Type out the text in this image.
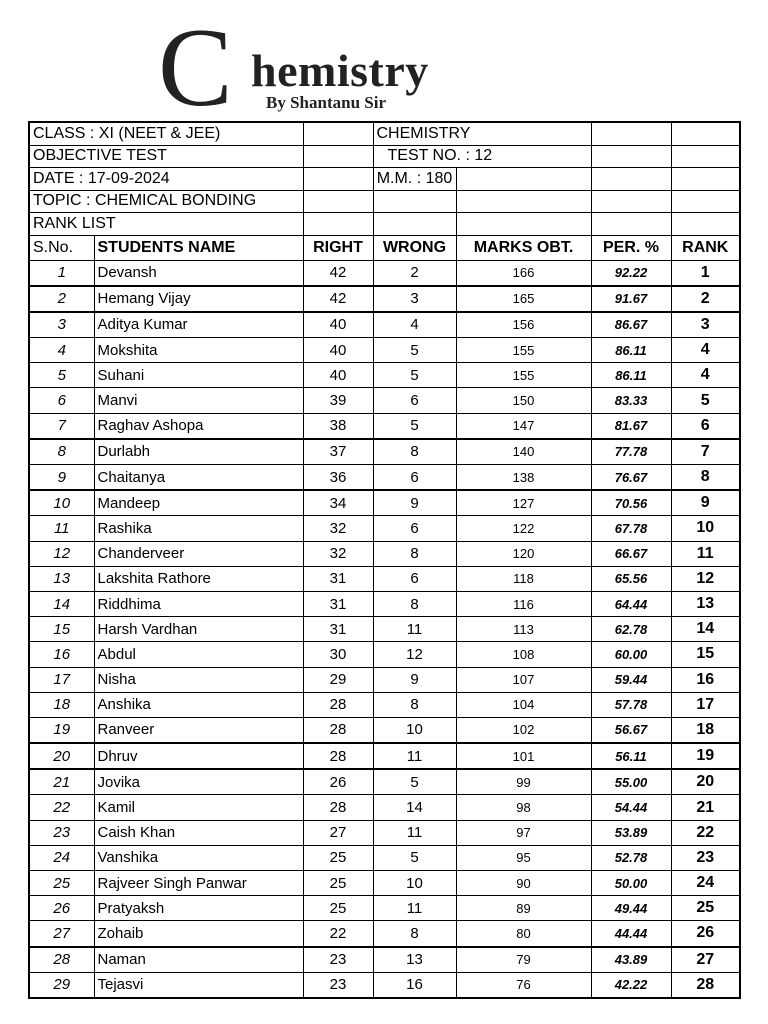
C hemistry
By Shantanu Sir
CLASS : XI (NEET & JEE)			CHEMISTRY			
OBJECTIVE TEST			TEST NO. : 12			
DATE : 17-09-2024			M.M. : 180			
TOPIC : CHEMICAL BONDING						
RANK LIST						
S.No.	STUDENTS NAME	RIGHT	WRONG	MARKS OBT.	PER. %	RANK
1	Devansh	42	2	166	92.22	1
2	Hemang Vijay	42	3	165	91.67	2
3	Aditya Kumar	40	4	156	86.67	3
4	Mokshita	40	5	155	86.11	4
5	Suhani	40	5	155	86.11	4
6	Manvi	39	6	150	83.33	5
7	Raghav Ashopa	38	5	147	81.67	6
8	Durlabh	37	8	140	77.78	7
9	Chaitanya	36	6	138	76.67	8
10	Mandeep	34	9	127	70.56	9
11	Rashika	32	6	122	67.78	10
12	Chanderveer	32	8	120	66.67	11
13	Lakshita Rathore	31	6	118	65.56	12
14	Riddhima	31	8	116	64.44	13
15	Harsh Vardhan	31	11	113	62.78	14
16	Abdul	30	12	108	60.00	15
17	Nisha	29	9	107	59.44	16
18	Anshika	28	8	104	57.78	17
19	Ranveer	28	10	102	56.67	18
20	Dhruv	28	11	101	56.11	19
21	Jovika	26	5	99	55.00	20
22	Kamil	28	14	98	54.44	21
23	Caish Khan	27	11	97	53.89	22
24	Vanshika	25	5	95	52.78	23
25	Rajveer Singh Panwar	25	10	90	50.00	24
26	Pratyaksh	25	11	89	49.44	25
27	Zohaib	22	8	80	44.44	26
28	Naman	23	13	79	43.89	27
29	Tejasvi	23	16	76	42.22	28
